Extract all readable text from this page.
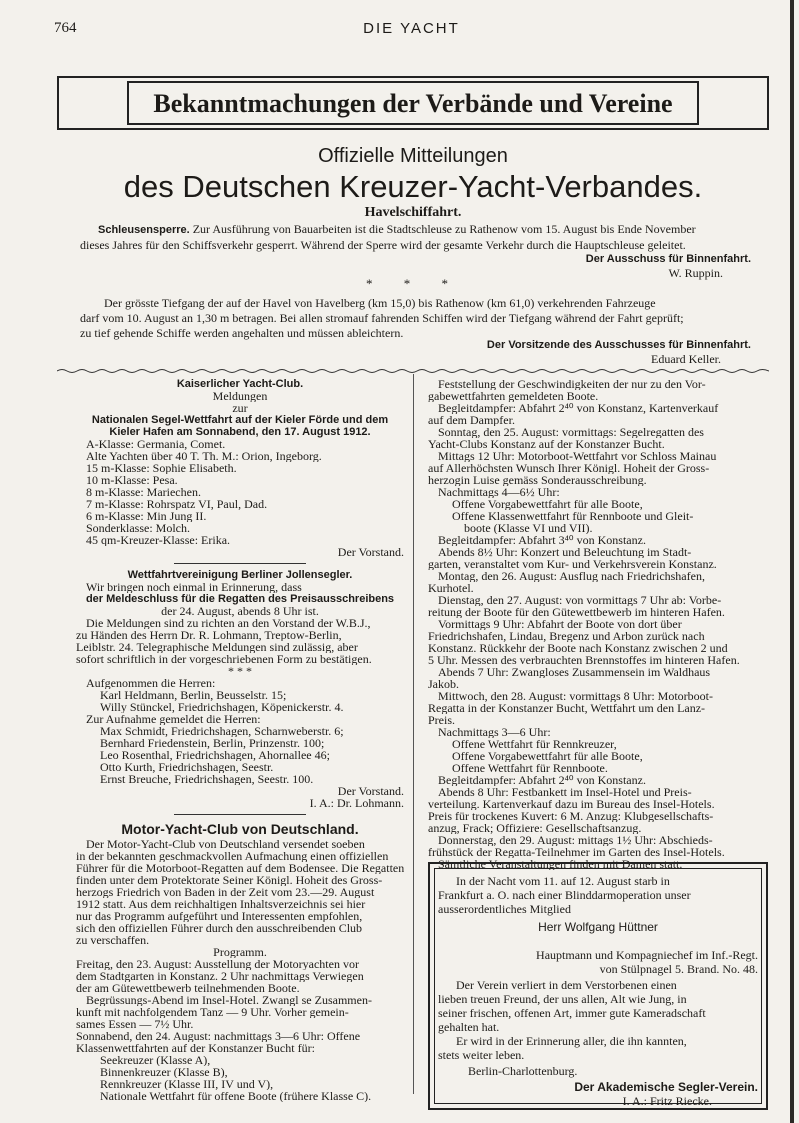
764	DIE YACHT
Bekanntmachungen der Verbände und Vereine
Offizielle Mitteilungen
des Deutschen Kreuzer-Yacht-Verbandes.
Havelschiffahrt.
Schleusensperre. Zur Ausführung von Bauarbeiten ist die Stadtschleuse zu Rathenow vom 15. August bis Ende November
dieses Jahres für den Schiffsverkehr gesperrt. Während der Sperre wird der gesamte Verkehr durch die Hauptschleuse geleitet.
Der Ausschuss für Binnenfahrt.
W. Ruppin.
* * *
Der grösste Tiefgang der auf der Havel von Havelberg (km 15,0) bis Rathenow (km 61,0) verkehrenden Fahrzeuge
darf vom 10. August an 1,30 m betragen. Bei allen stromauf fahrenden Schiffen wird der Tiefgang während der Fahrt geprüft;
zu tief gehende Schiffe werden angehalten und müssen ableichtern.
Der Vorsitzende des Ausschusses für Binnenfahrt.
Eduard Keller.
Kaiserlicher Yacht-Club.
Meldungen
zur
Nationalen Segel-Wettfahrt auf der Kieler Förde und dem
Kieler Hafen am Sonnabend, den 17. August 1912.
A-Klasse: Germania, Comet.
Alte Yachten über 40 T. Th. M.: Orion, Ingeborg.
15 m-Klasse: Sophie Elisabeth.
10 m-Klasse: Pesa.
8 m-Klasse: Mariechen.
7 m-Klasse: Rohrspatz VI, Paul, Dad.
6 m-Klasse: Min Jung II.
Sonderklasse: Molch.
45 qm-Kreuzer-Klasse: Erika.
Der Vorstand.
Wettfahrtvereinigung Berliner Jollensegler.
Wir bringen noch einmal in Erinnerung, dass
der Meldeschluss für die Regatten des Preisausschreibens
der 24. August, abends 8 Uhr ist.
Die Meldungen sind zu richten an den Vorstand der W.B.J.,
zu Händen des Herrn Dr. R. Lohmann, Treptow-Berlin,
Leiblstr. 24. Telegraphische Meldungen sind zulässig, aber
sofort schriftlich in der vorgeschriebenen Form zu bestätigen.
* * *
Aufgenommen die Herren:
Karl Heldmann, Berlin, Beusselstr. 15;
Willy Stünckel, Friedrichshagen, Köpenickerstr. 4.
Zur Aufnahme gemeldet die Herren:
Max Schmidt, Friedrichshagen, Scharnweberstr. 6;
Bernhard Friedenstein, Berlin, Prinzenstr. 100;
Leo Rosenthal, Friedrichshagen, Ahornallee 46;
Otto Kurth, Friedrichshagen, Seestr.
Ernst Breuche, Friedrichshagen, Seestr. 100.
Der Vorstand.
I. A.: Dr. Lohmann.
Motor-Yacht-Club von Deutschland.
Der Motor-Yacht-Club von Deutschland versendet soeben
in der bekannten geschmackvollen Aufmachung einen offiziellen
Führer für die Motorboot-Regatten auf dem Bodensee. Die Regatten
finden unter dem Protektorate Seiner Königl. Hoheit des Gross-
herzogs Friedrich von Baden in der Zeit vom 23.—29. August
1912 statt. Aus dem reichhaltigen Inhaltsverzeichnis sei hier
nur das Programm aufgeführt und Interessenten empfohlen,
sich den offiziellen Führer durch den ausschreibenden Club
zu verschaffen.
Programm.
Freitag, den 23. August: Ausstellung der Motoryachten vor
dem Stadtgarten in Konstanz. 2 Uhr nachmittags Verwiegen
der am Gütewettbewerb teilnehmenden Boote.
Begrüssungs-Abend im Insel-Hotel. Zwangl se Zusammen-
kunft mit nachfolgendem Tanz — 9 Uhr. Vorher gemein-
sames Essen — 7½ Uhr.
Sonnabend, den 24. August: nachmittags 3—6 Uhr: Offene
Klassenwettfahrten auf der Konstanzer Bucht für:
Seekreuzer (Klasse A),
Binnenkreuzer (Klasse B),
Rennkreuzer (Klasse III, IV und V),
Nationale Wettfahrt für offene Boote (frühere Klasse C).
Feststellung der Geschwindigkeiten der nur zu den Vor-
gabewettfahrten gemeldeten Boote.
Begleitdampfer: Abfahrt 2⁴⁰ von Konstanz, Kartenverkauf
auf dem Dampfer.
Sonntag, den 25. August: vormittags: Segelregatten des
Yacht-Clubs Konstanz auf der Konstanzer Bucht.
Mittags 12 Uhr: Motorboot-Wettfahrt vor Schloss Mainau
auf Allerhöchsten Wunsch Ihrer Königl. Hoheit der Gross-
herzogin Luise gemäss Sonderausschreibung.
Nachmittags 4—6½ Uhr:
Offene Vorgabewettfahrt für alle Boote,
Offene Klassenwettfahrt für Rennboote und Gleit-
boote (Klasse VI und VII).
Begleitdampfer: Abfahrt 3⁴⁰ von Konstanz.
Abends 8½ Uhr: Konzert und Beleuchtung im Stadt-
garten, veranstaltet vom Kur- und Verkehrsverein Konstanz.
Montag, den 26. August: Ausflug nach Friedrichshafen,
Kurhotel.
Dienstag, den 27. August: von vormittags 7 Uhr ab: Vorbe-
reitung der Boote für den Gütewettbewerb im hinteren Hafen.
Vormittags 9 Uhr: Abfahrt der Boote von dort über
Friedrichshafen, Lindau, Bregenz und Arbon zurück nach
Konstanz. Rückkehr der Boote nach Konstanz zwischen 2 und
5 Uhr. Messen des verbrauchten Brennstoffes im hinteren Hafen.
Abends 7 Uhr: Zwangloses Zusammensein im Waldhaus
Jakob.
Mittwoch, den 28. August: vormittags 8 Uhr: Motorboot-
Regatta in der Konstanzer Bucht, Wettfahrt um den Lanz-
Preis.
Nachmittags 3—6 Uhr:
Offene Wettfahrt für Rennkreuzer,
Offene Vorgabewettfahrt für alle Boote,
Offene Wettfahrt für Rennboote.
Begleitdampfer: Abfahrt 2⁴⁰ von Konstanz.
Abends 8 Uhr: Festbankett im Insel-Hotel und Preis-
verteilung. Kartenverkauf dazu im Bureau des Insel-Hotels.
Preis für trockenes Kuvert: 6 M. Anzug: Klubgesellschafts-
anzug, Frack; Offiziere: Gesellschaftsanzug.
Donnerstag, den 29. August: mittags 1½ Uhr: Abschieds-
frühstück der Regatta-Teilnehmer im Garten des Insel-Hotels.
Sämtliche Veranstaltungen finden mit Damen statt.
In der Nacht vom 11. auf 12. August starb in
Frankfurt a. O. nach einer Blinddarmoperation unser
ausserordentliches Mitglied
Herr Wolfgang Hüttner
Hauptmann und Kompagniechef im Inf.-Regt.
von Stülpnagel 5. Brand. No. 48.
Der Verein verliert in dem Verstorbenen einen
lieben treuen Freund, der uns allen, Alt wie Jung, in
seiner frischen, offenen Art, immer gute Kameradschaft
gehalten hat.
Er wird in der Erinnerung aller, die ihn kannten,
stets weiter leben.
Berlin-Charlottenburg.
Der Akademische Segler-Verein.
I. A.: Fritz Riecke.
